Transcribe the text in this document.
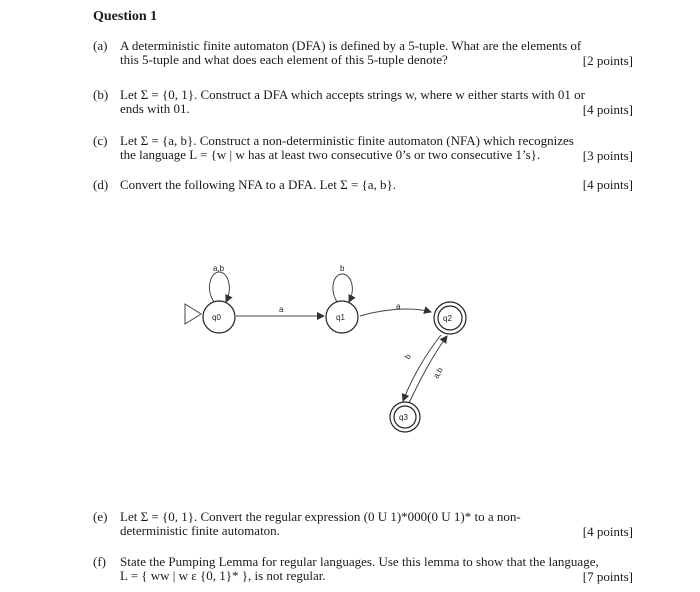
Question 1
(a) A deterministic finite automaton (DFA) is defined by a 5-tuple. What are the elements of
this 5-tuple and what does each element of this 5-tuple denote?	[2 points]
(b) Let Σ = {0, 1}. Construct a DFA which accepts strings w, where w either starts with 01 or
ends with 01.	[4 points]
(c) Let Σ = {a, b}. Construct a non-deterministic finite automaton (NFA) which recognizes
the language L = {w | w has at least two consecutive 0’s or two consecutive 1’s}.	[3 points]
(d) Convert the following NFA to a DFA. Let Σ = {a, b}.	[4 points]
(e) Let Σ = {0, 1}. Convert the regular expression (0 U 1)*000(0 U 1)* to a non-
deterministic finite automaton.	[4 points]
(f) State the Pumping Lemma for regular languages. Use this lemma to show that the language,
L = { ww | w ε {0, 1}* }, is not regular.	[7 points]
a,b
a
b
a
b
a,b
q0	q1	q2
q3
